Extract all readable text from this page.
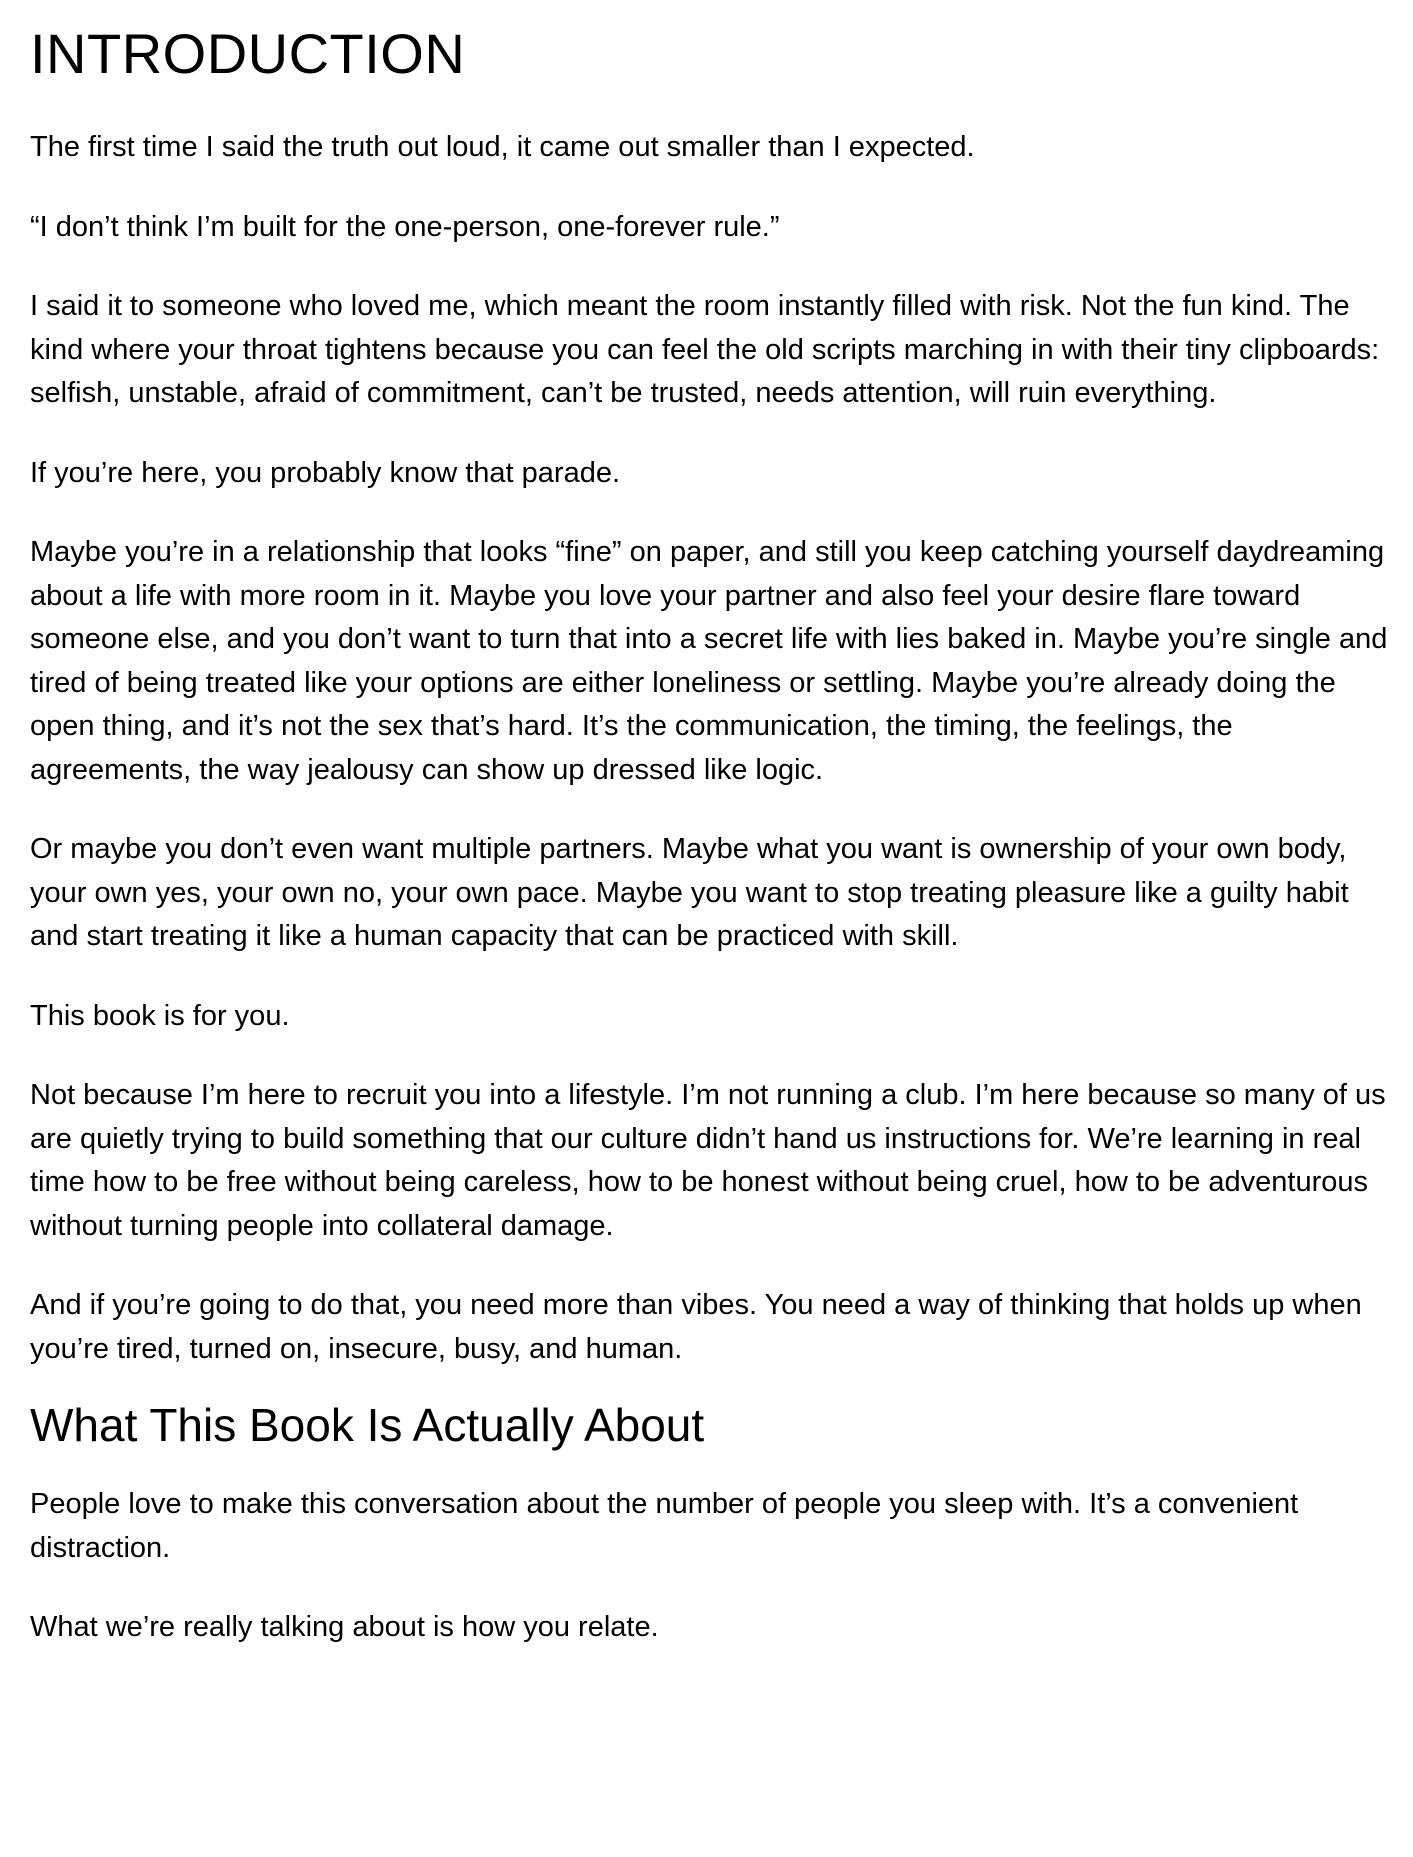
INTRODUCTION

The first time I said the truth out loud, it came out smaller than I expected.

“I don’t think I’m built for the one-person, one-forever rule.”

I said it to someone who loved me, which meant the room instantly filled with risk. Not the fun kind. The kind where your throat tightens because you can feel the old scripts marching in with their tiny clipboards: selfish, unstable, afraid of commitment, can’t be trusted, needs attention, will ruin everything.

If you’re here, you probably know that parade.

Maybe you’re in a relationship that looks “fine” on paper, and still you keep catching yourself daydreaming about a life with more room in it. Maybe you love your partner and also feel your desire flare toward someone else, and you don’t want to turn that into a secret life with lies baked in. Maybe you’re single and tired of being treated like your options are either loneliness or settling. Maybe you’re already doing the open thing, and it’s not the sex that’s hard. It’s the communication, the timing, the feelings, the agreements, the way jealousy can show up dressed like logic.

Or maybe you don’t even want multiple partners. Maybe what you want is ownership of your own body, your own yes, your own no, your own pace. Maybe you want to stop treating pleasure like a guilty habit and start treating it like a human capacity that can be practiced with skill.

This book is for you.

Not because I’m here to recruit you into a lifestyle. I’m not running a club. I’m here because so many of us are quietly trying to build something that our culture didn’t hand us instructions for. We’re learning in real time how to be free without being careless, how to be honest without being cruel, how to be adventurous without turning people into collateral damage.

And if you’re going to do that, you need more than vibes. You need a way of thinking that holds up when you’re tired, turned on, insecure, busy, and human.

What This Book Is Actually About

People love to make this conversation about the number of people you sleep with. It’s a convenient distraction.

What we’re really talking about is how you relate.
